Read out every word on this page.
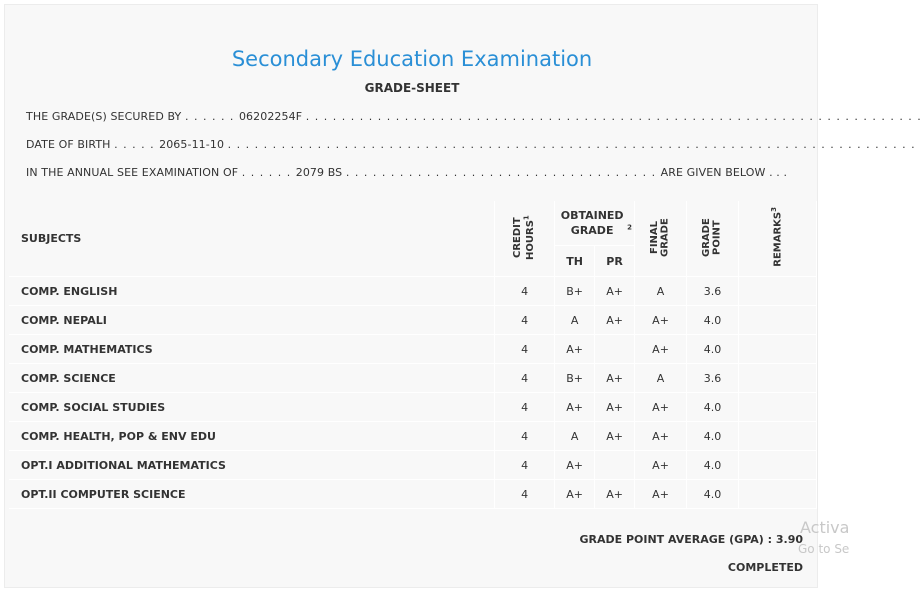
Secondary Education Examination
GRADE-SHEET
THE GRADE(S) SECURED BY . . . . . . 06202254F . . . . . . . . . . . . . . . . . . . . . . . . . . . . . . . . . . . . . . . . . . . . . . . . . . . . . . . . . . . . . . . . . . . . .
DATE OF BIRTH . . . . . 2065-11-10 . . . . . . . . . . . . . . . . . . . . . . . . . . . . . . . . . . . . . . . . . . . . . . . . . . . . . . . . . . . . . . . . . . . . . . . . . . . . .
IN THE ANNUAL SEE EXAMINATION OF . . . . . . 2079 BS . . . . . . . . . . . . . . . . . . . . . . . . . . . . . . . . . . . ARE GIVEN BELOW . . .
SUBJECTS	CREDIT HOURS$^1$	OBTAINED GRADE $^2$		FINAL GRADE	GRADE POINT	REMARKS$^3$
		TH	PR			
COMP. ENGLISH	4	B+	A+	A	3.6	
COMP. NEPALI	4	A	A+	A+	4.0	
COMP. MATHEMATICS	4	A+		A+	4.0	
COMP. SCIENCE	4	B+	A+	A	3.6	
COMP. SOCIAL STUDIES	4	A+	A+	A+	4.0	
COMP. HEALTH, POP & ENV EDU	4	A	A+	A+	4.0	
OPT.I ADDITIONAL MATHEMATICS	4	A+		A+	4.0	
OPT.II COMPUTER SCIENCE	4	A+	A+	A+	4.0	
GRADE POINT AVERAGE (GPA) : 3.90
COMPLETED
Activa
Go to Se
